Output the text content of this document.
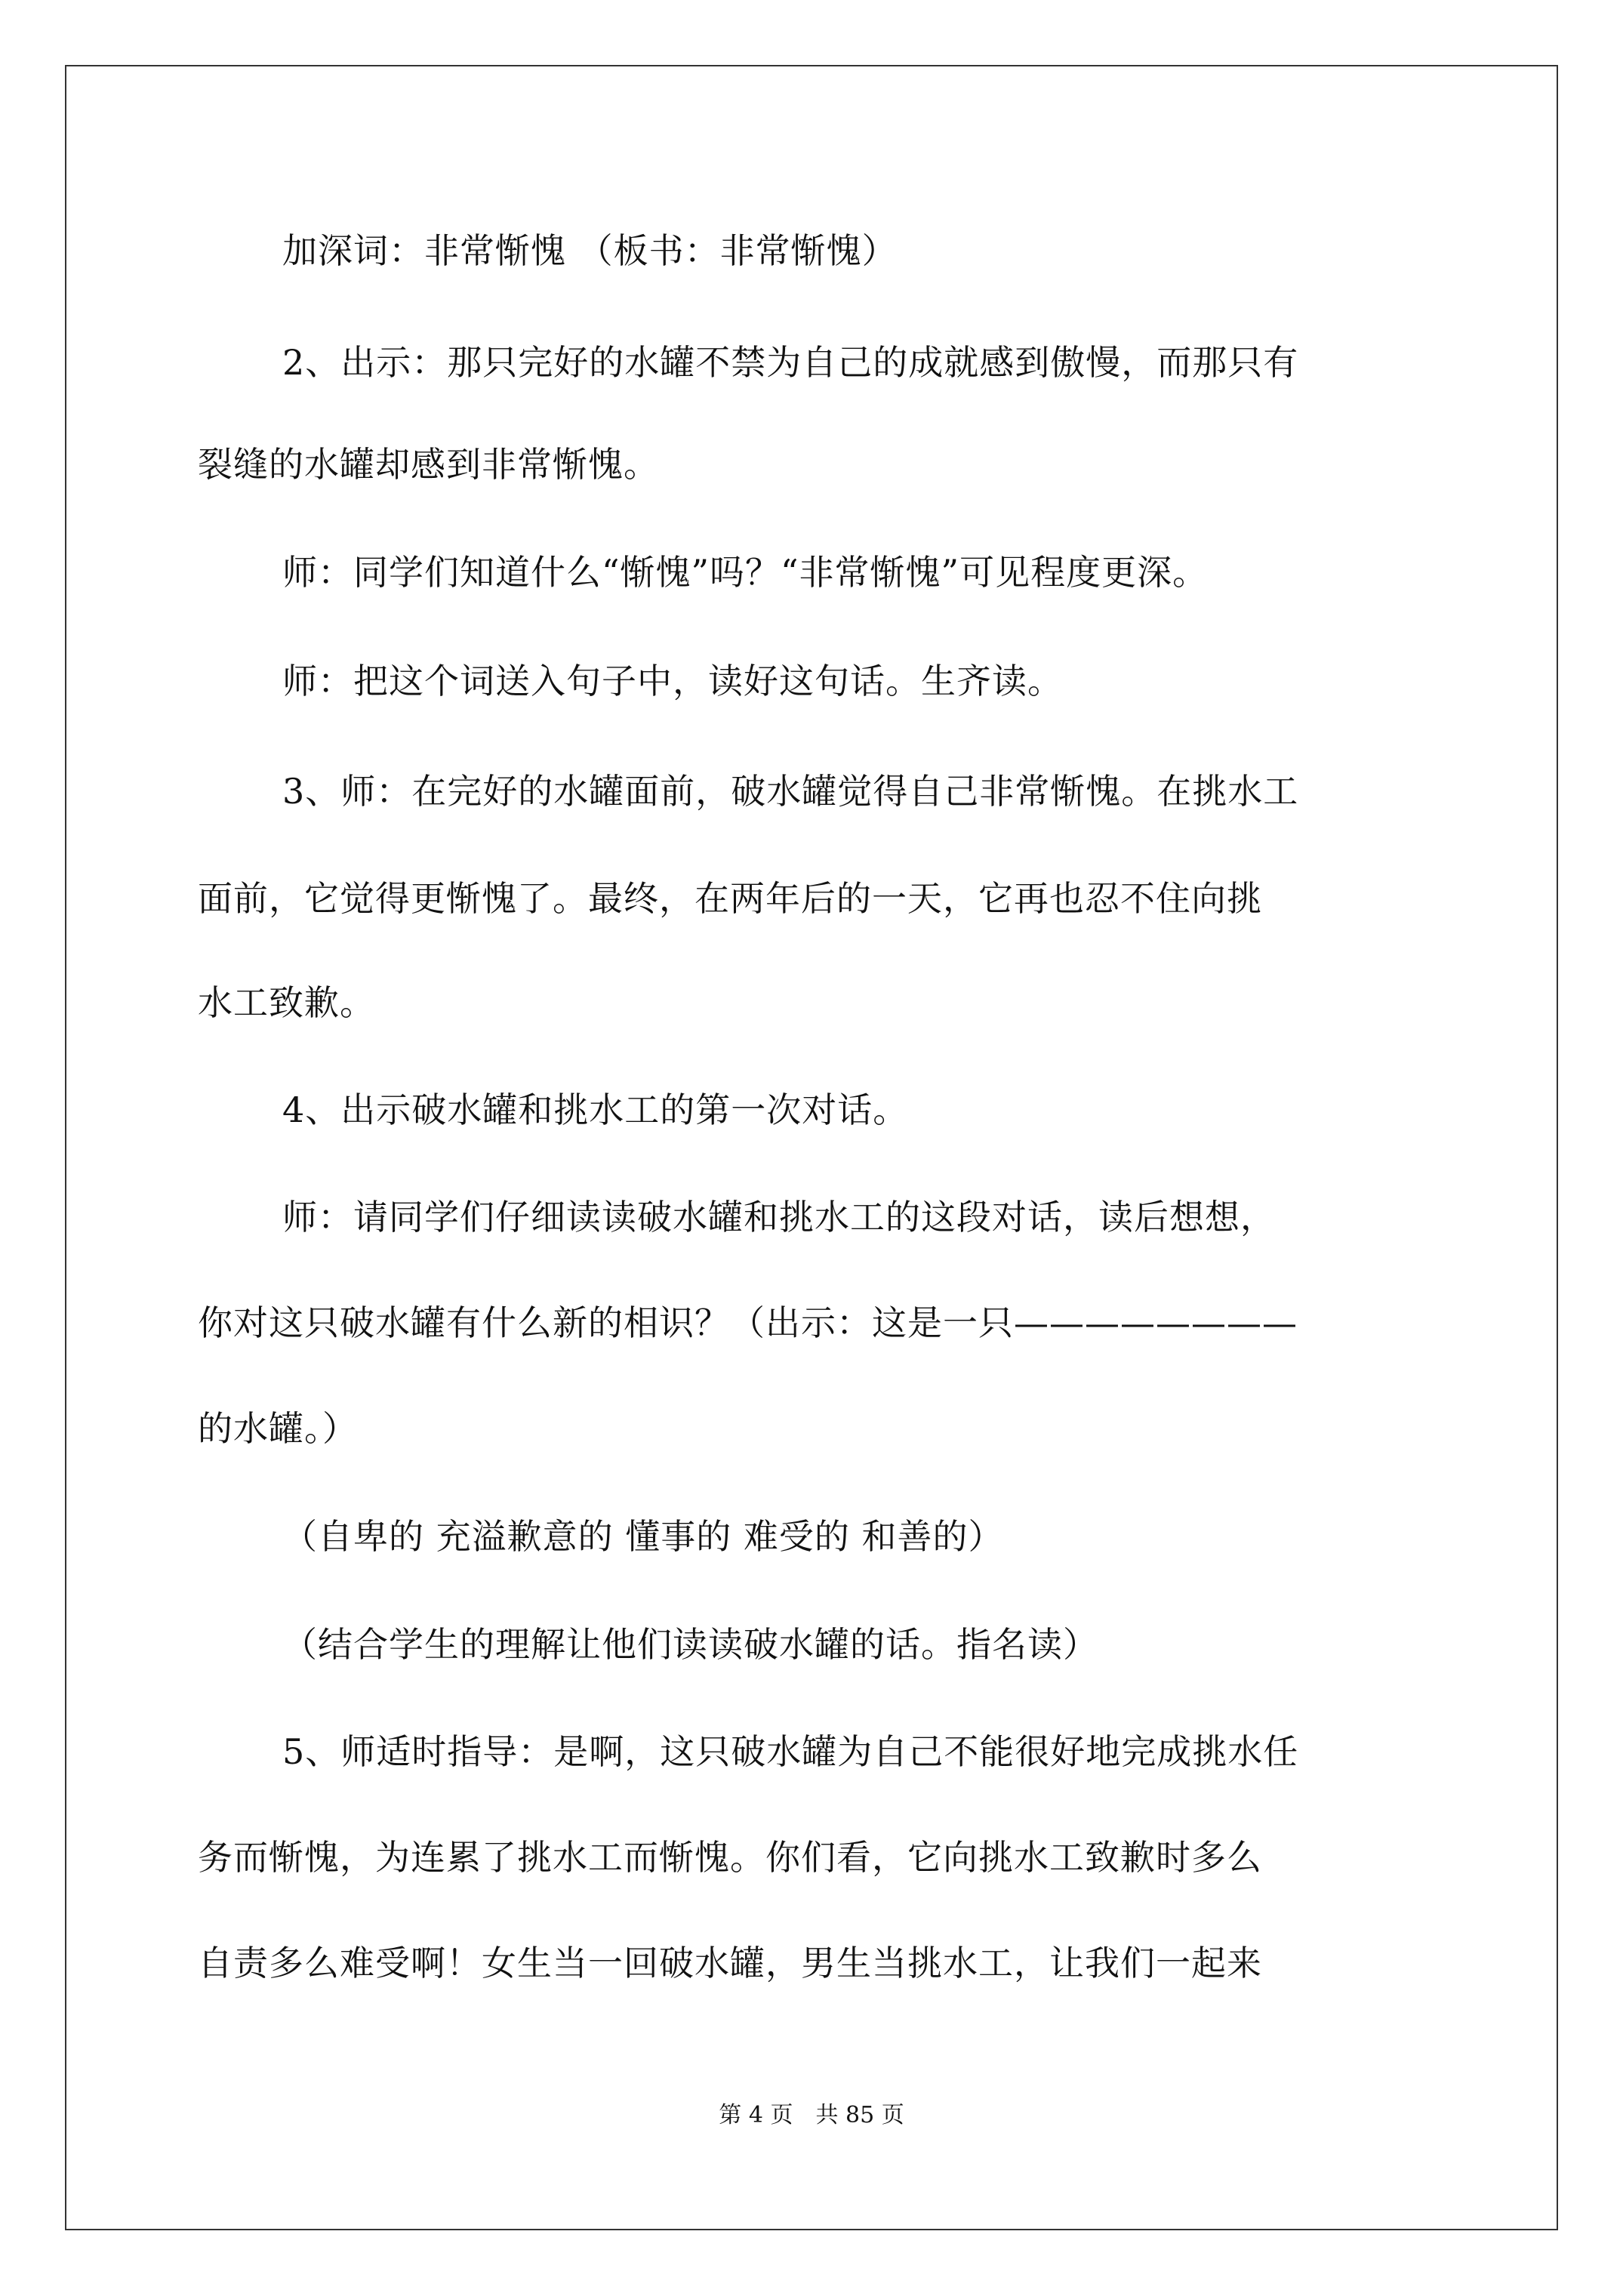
加深词：非常惭愧 （板书：非常惭愧）
2、出示：那只完好的水罐不禁为自己的成就感到傲慢，而那只有
裂缝的水罐却感到非常惭愧。
师：同学们知道什么“惭愧”吗？“非常惭愧”可见程度更深。
师：把这个词送入句子中，读好这句话。生齐读。
3、师：在完好的水罐面前，破水罐觉得自己非常惭愧。在挑水工
面前，它觉得更惭愧了。最终，在两年后的一天，它再也忍不住向挑
水工致歉。
4、出示破水罐和挑水工的第一次对话。
师：请同学们仔细读读破水罐和挑水工的这段对话，读后想想，
你对这只破水罐有什么新的相识？（出示：这是一只————————
的水罐。）
（自卑的 充溢歉意的 懂事的 难受的 和善的）
（结合学生的理解让他们读读破水罐的话。指名读）
5、师适时指导：是啊，这只破水罐为自己不能很好地完成挑水任
务而惭愧，为连累了挑水工而惭愧。你们看，它向挑水工致歉时多么
自责多么难受啊！女生当一回破水罐，男生当挑水工，让我们一起来
第 4 页　共 85 页
